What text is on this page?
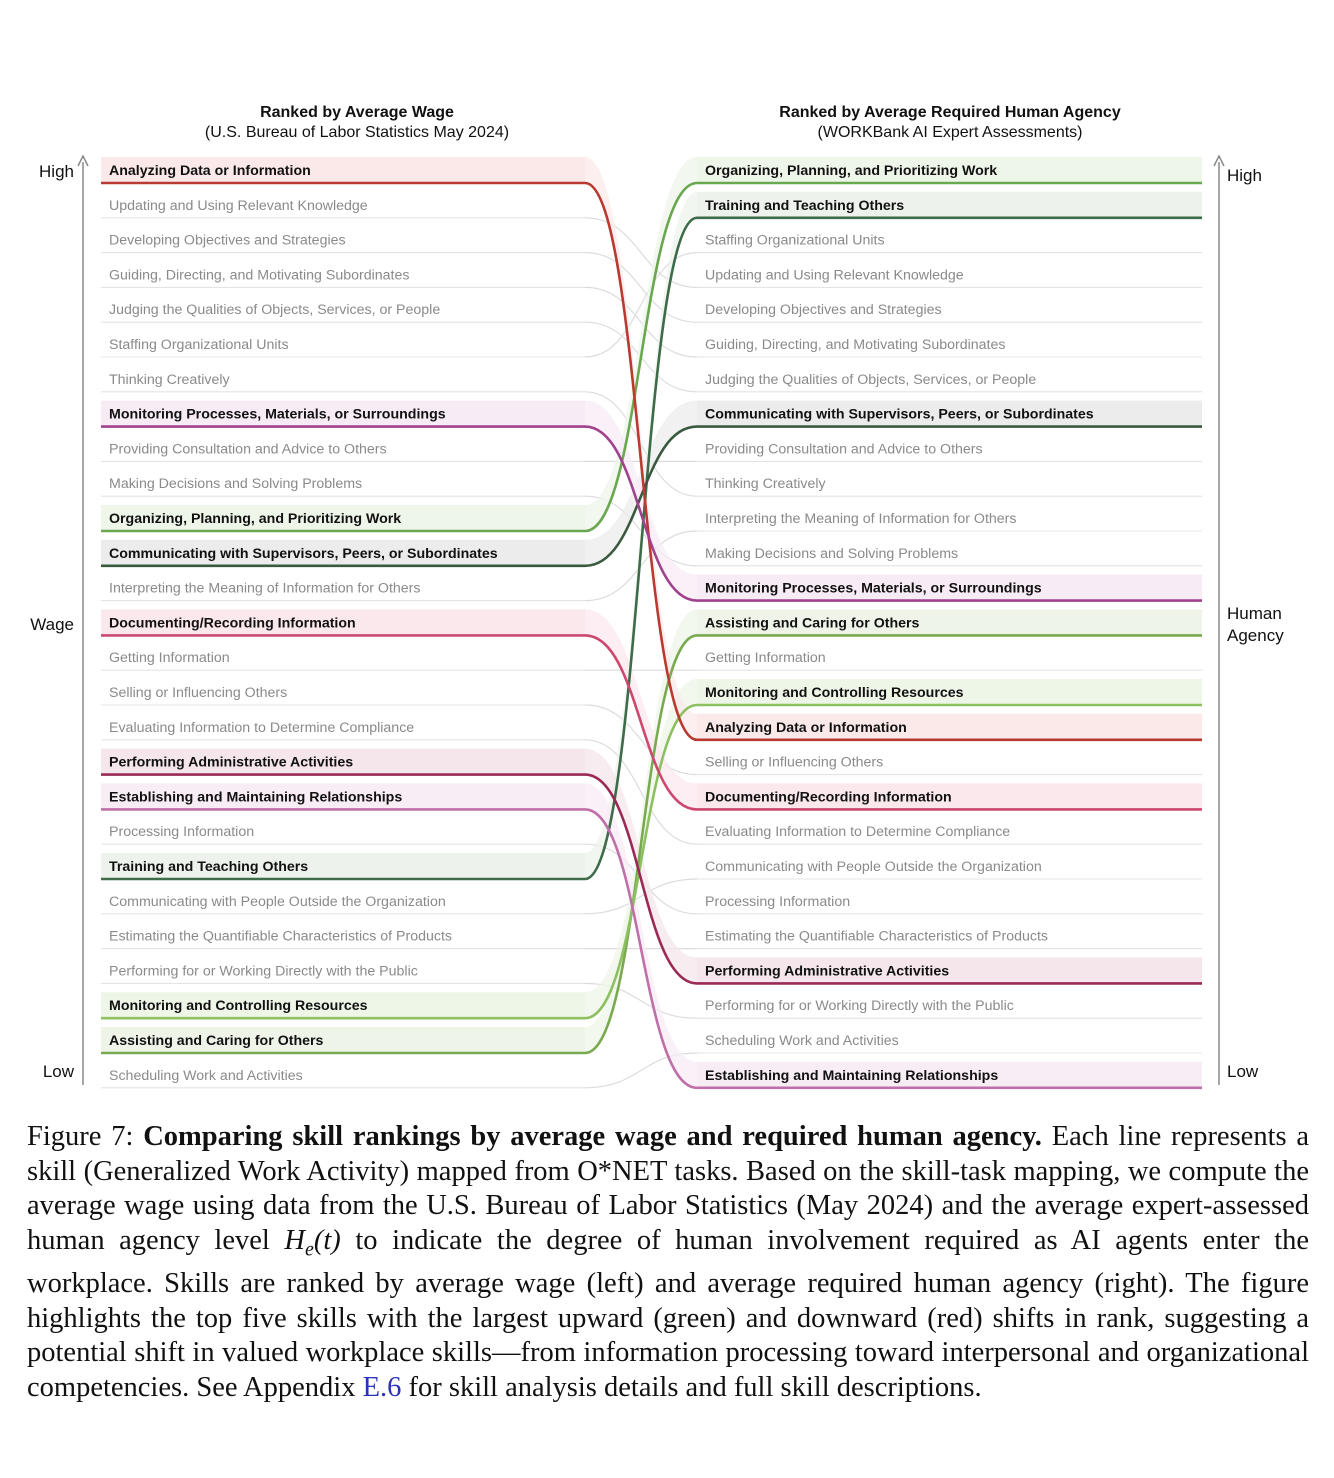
Analyzing Data or Information
Updating and Using Relevant Knowledge
Developing Objectives and Strategies
Guiding, Directing, and Motivating Subordinates
Judging the Qualities of Objects, Services, or People
Staffing Organizational Units
Thinking Creatively
Monitoring Processes, Materials, or Surroundings
Providing Consultation and Advice to Others
Making Decisions and Solving Problems
Organizing, Planning, and Prioritizing Work
Communicating with Supervisors, Peers, or Subordinates
Interpreting the Meaning of Information for Others
Documenting/Recording Information
Getting Information
Selling or Influencing Others
Evaluating Information to Determine Compliance
Performing Administrative Activities
Establishing and Maintaining Relationships
Processing Information
Training and Teaching Others
Communicating with People Outside the Organization
Estimating the Quantifiable Characteristics of Products
Performing for or Working Directly with the Public
Monitoring and Controlling Resources
Assisting and Caring for Others
Scheduling Work and Activities
Organizing, Planning, and Prioritizing Work
Training and Teaching Others
Staffing Organizational Units
Updating and Using Relevant Knowledge
Developing Objectives and Strategies
Guiding, Directing, and Motivating Subordinates
Judging the Qualities of Objects, Services, or People
Communicating with Supervisors, Peers, or Subordinates
Providing Consultation and Advice to Others
Thinking Creatively
Interpreting the Meaning of Information for Others
Making Decisions and Solving Problems
Monitoring Processes, Materials, or Surroundings
Assisting and Caring for Others
Getting Information
Monitoring and Controlling Resources
Analyzing Data or Information
Selling or Influencing Others
Documenting/Recording Information
Evaluating Information to Determine Compliance
Communicating with People Outside the Organization
Processing Information
Estimating the Quantifiable Characteristics of Products
Performing Administrative Activities
Performing for or Working Directly with the Public
Scheduling Work and Activities
Establishing and Maintaining Relationships
Ranked by Average Wage
(U.S. Bureau of Labor Statistics May 2024)
Ranked by Average Required Human Agency
(WORKBank AI Expert Assessments)
High
Wage
Low
High
Human
Agency
Low
Figure 7: Comparing skill rankings by average wage and required human agency. Each line represents a skill (Generalized Work Activity) mapped from O*NET tasks. Based on the skill-task mapping, we compute the average wage using data from the U.S. Bureau of Labor Statistics (May 2024) and the average expert-assessed human agency level $H_e(t)$ to indicate the degree of human involvement required as AI agents enter the workplace. Skills are ranked by average wage (left) and average required human agency (right). The figure highlights the top five skills with the largest upward (green) and downward (red) shifts in rank, suggesting a potential shift in valued workplace skills—from information processing toward interpersonal and organizational competencies. See Appendix E.6 for skill analysis details and full skill descriptions.
